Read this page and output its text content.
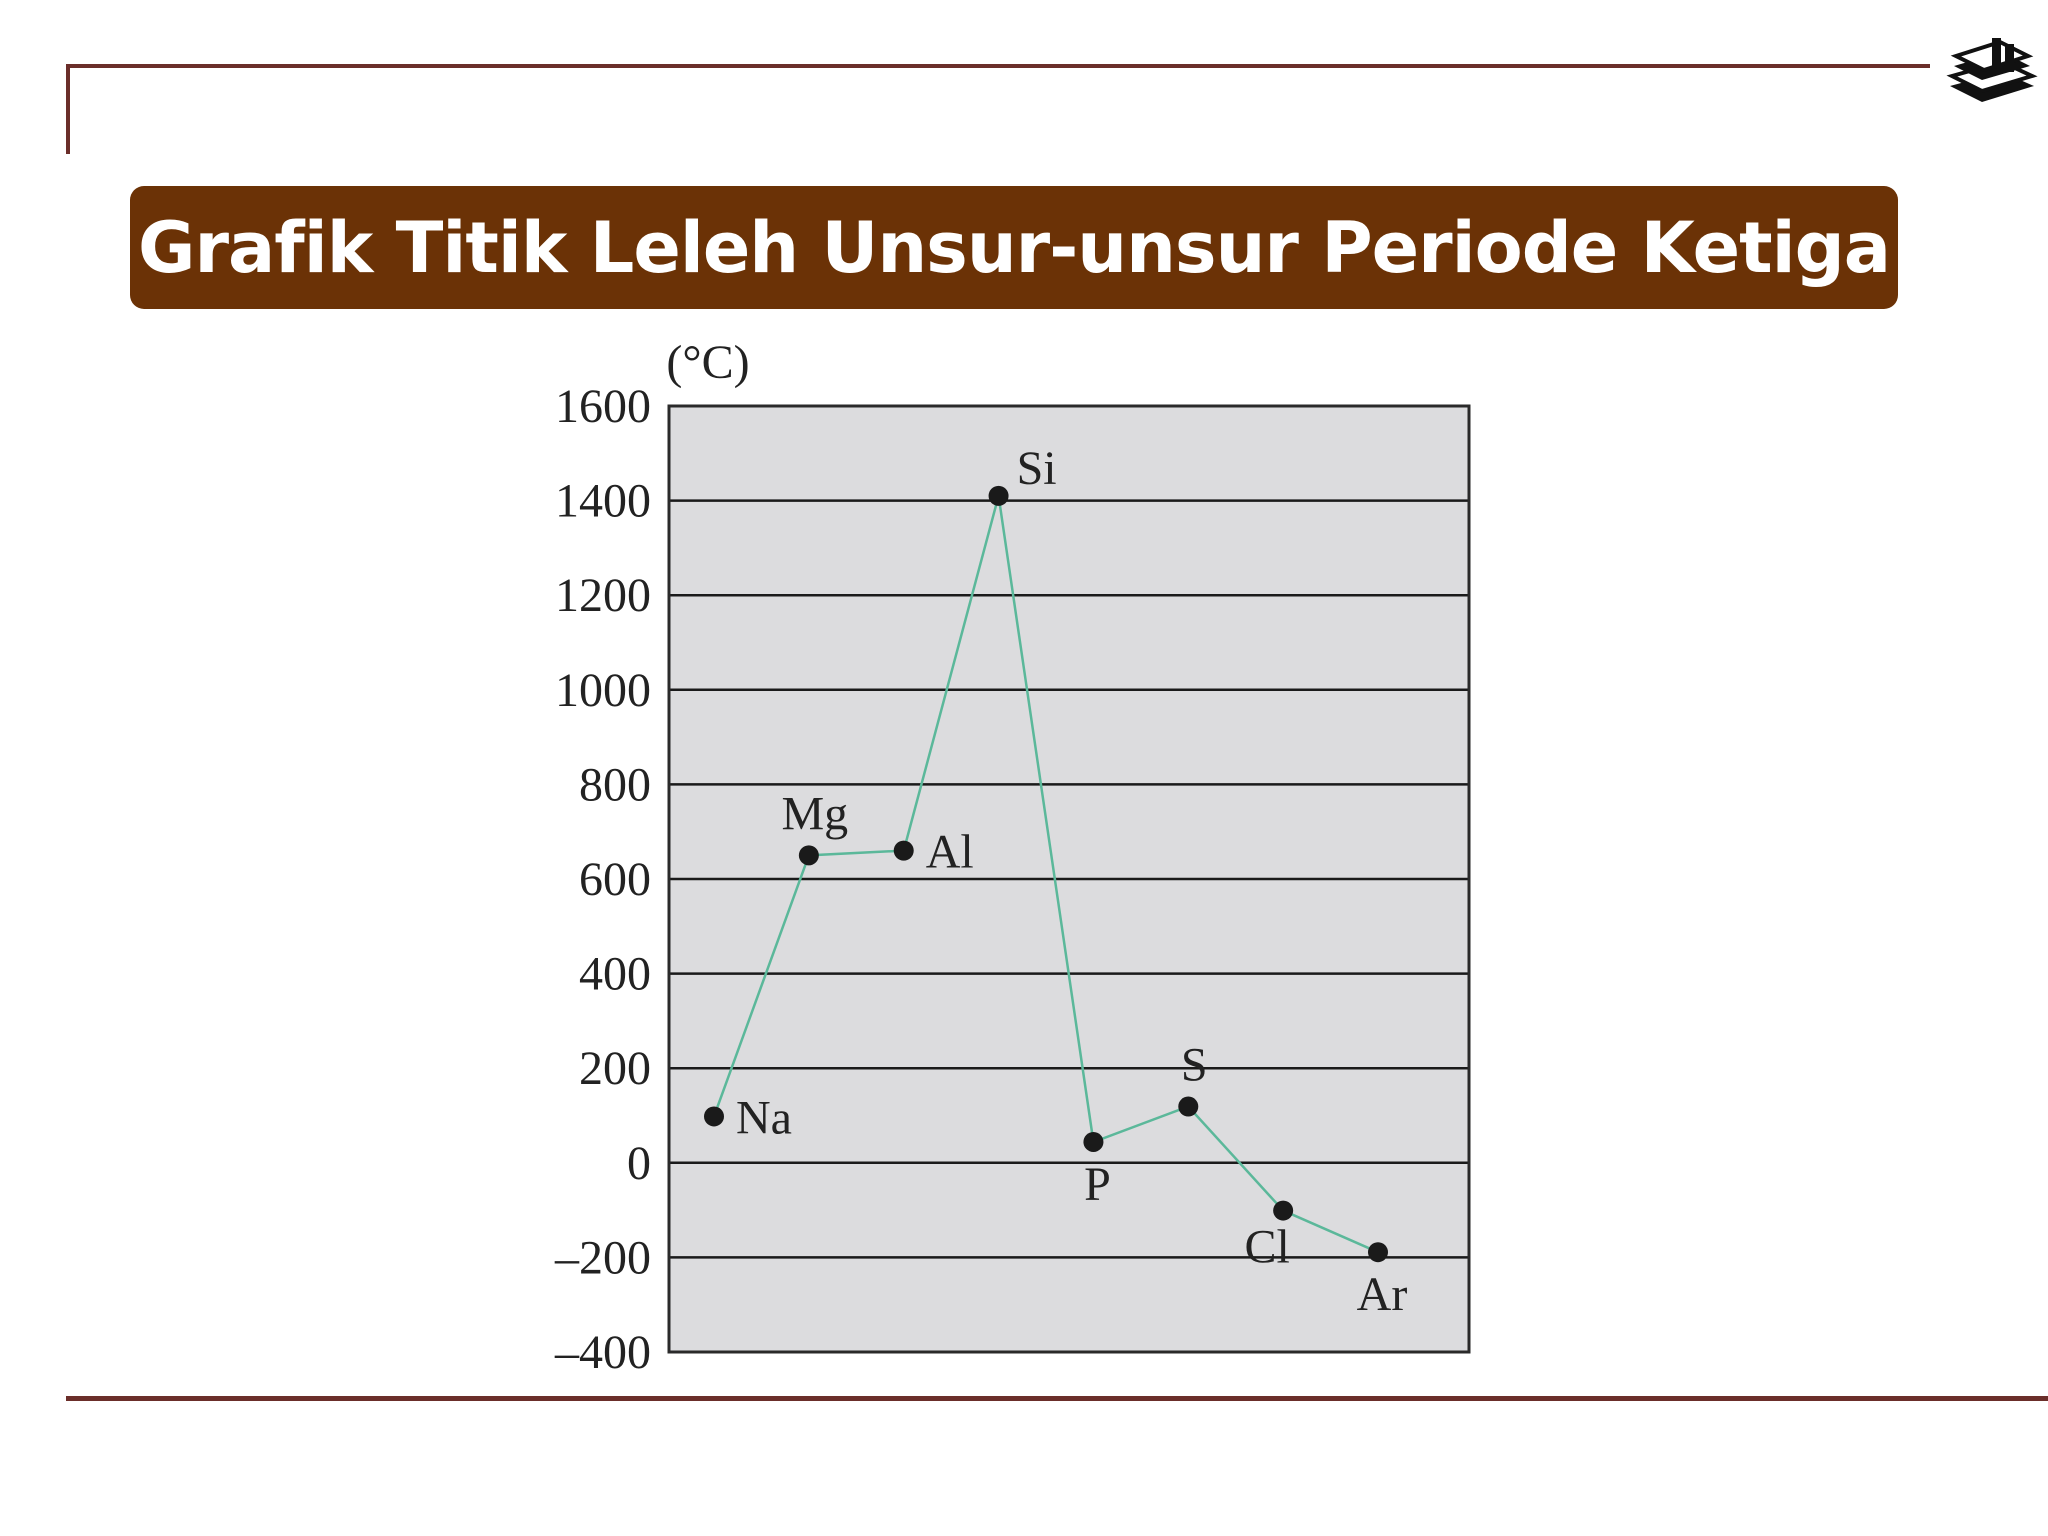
Grafik Titik Leleh Unsur-unsur Periode Ketiga
1600
1400
1200
1000
800
600
400
200
0
–200
–400
(°C)
Na
Mg
Al
Si
P
S
Cl
Ar
